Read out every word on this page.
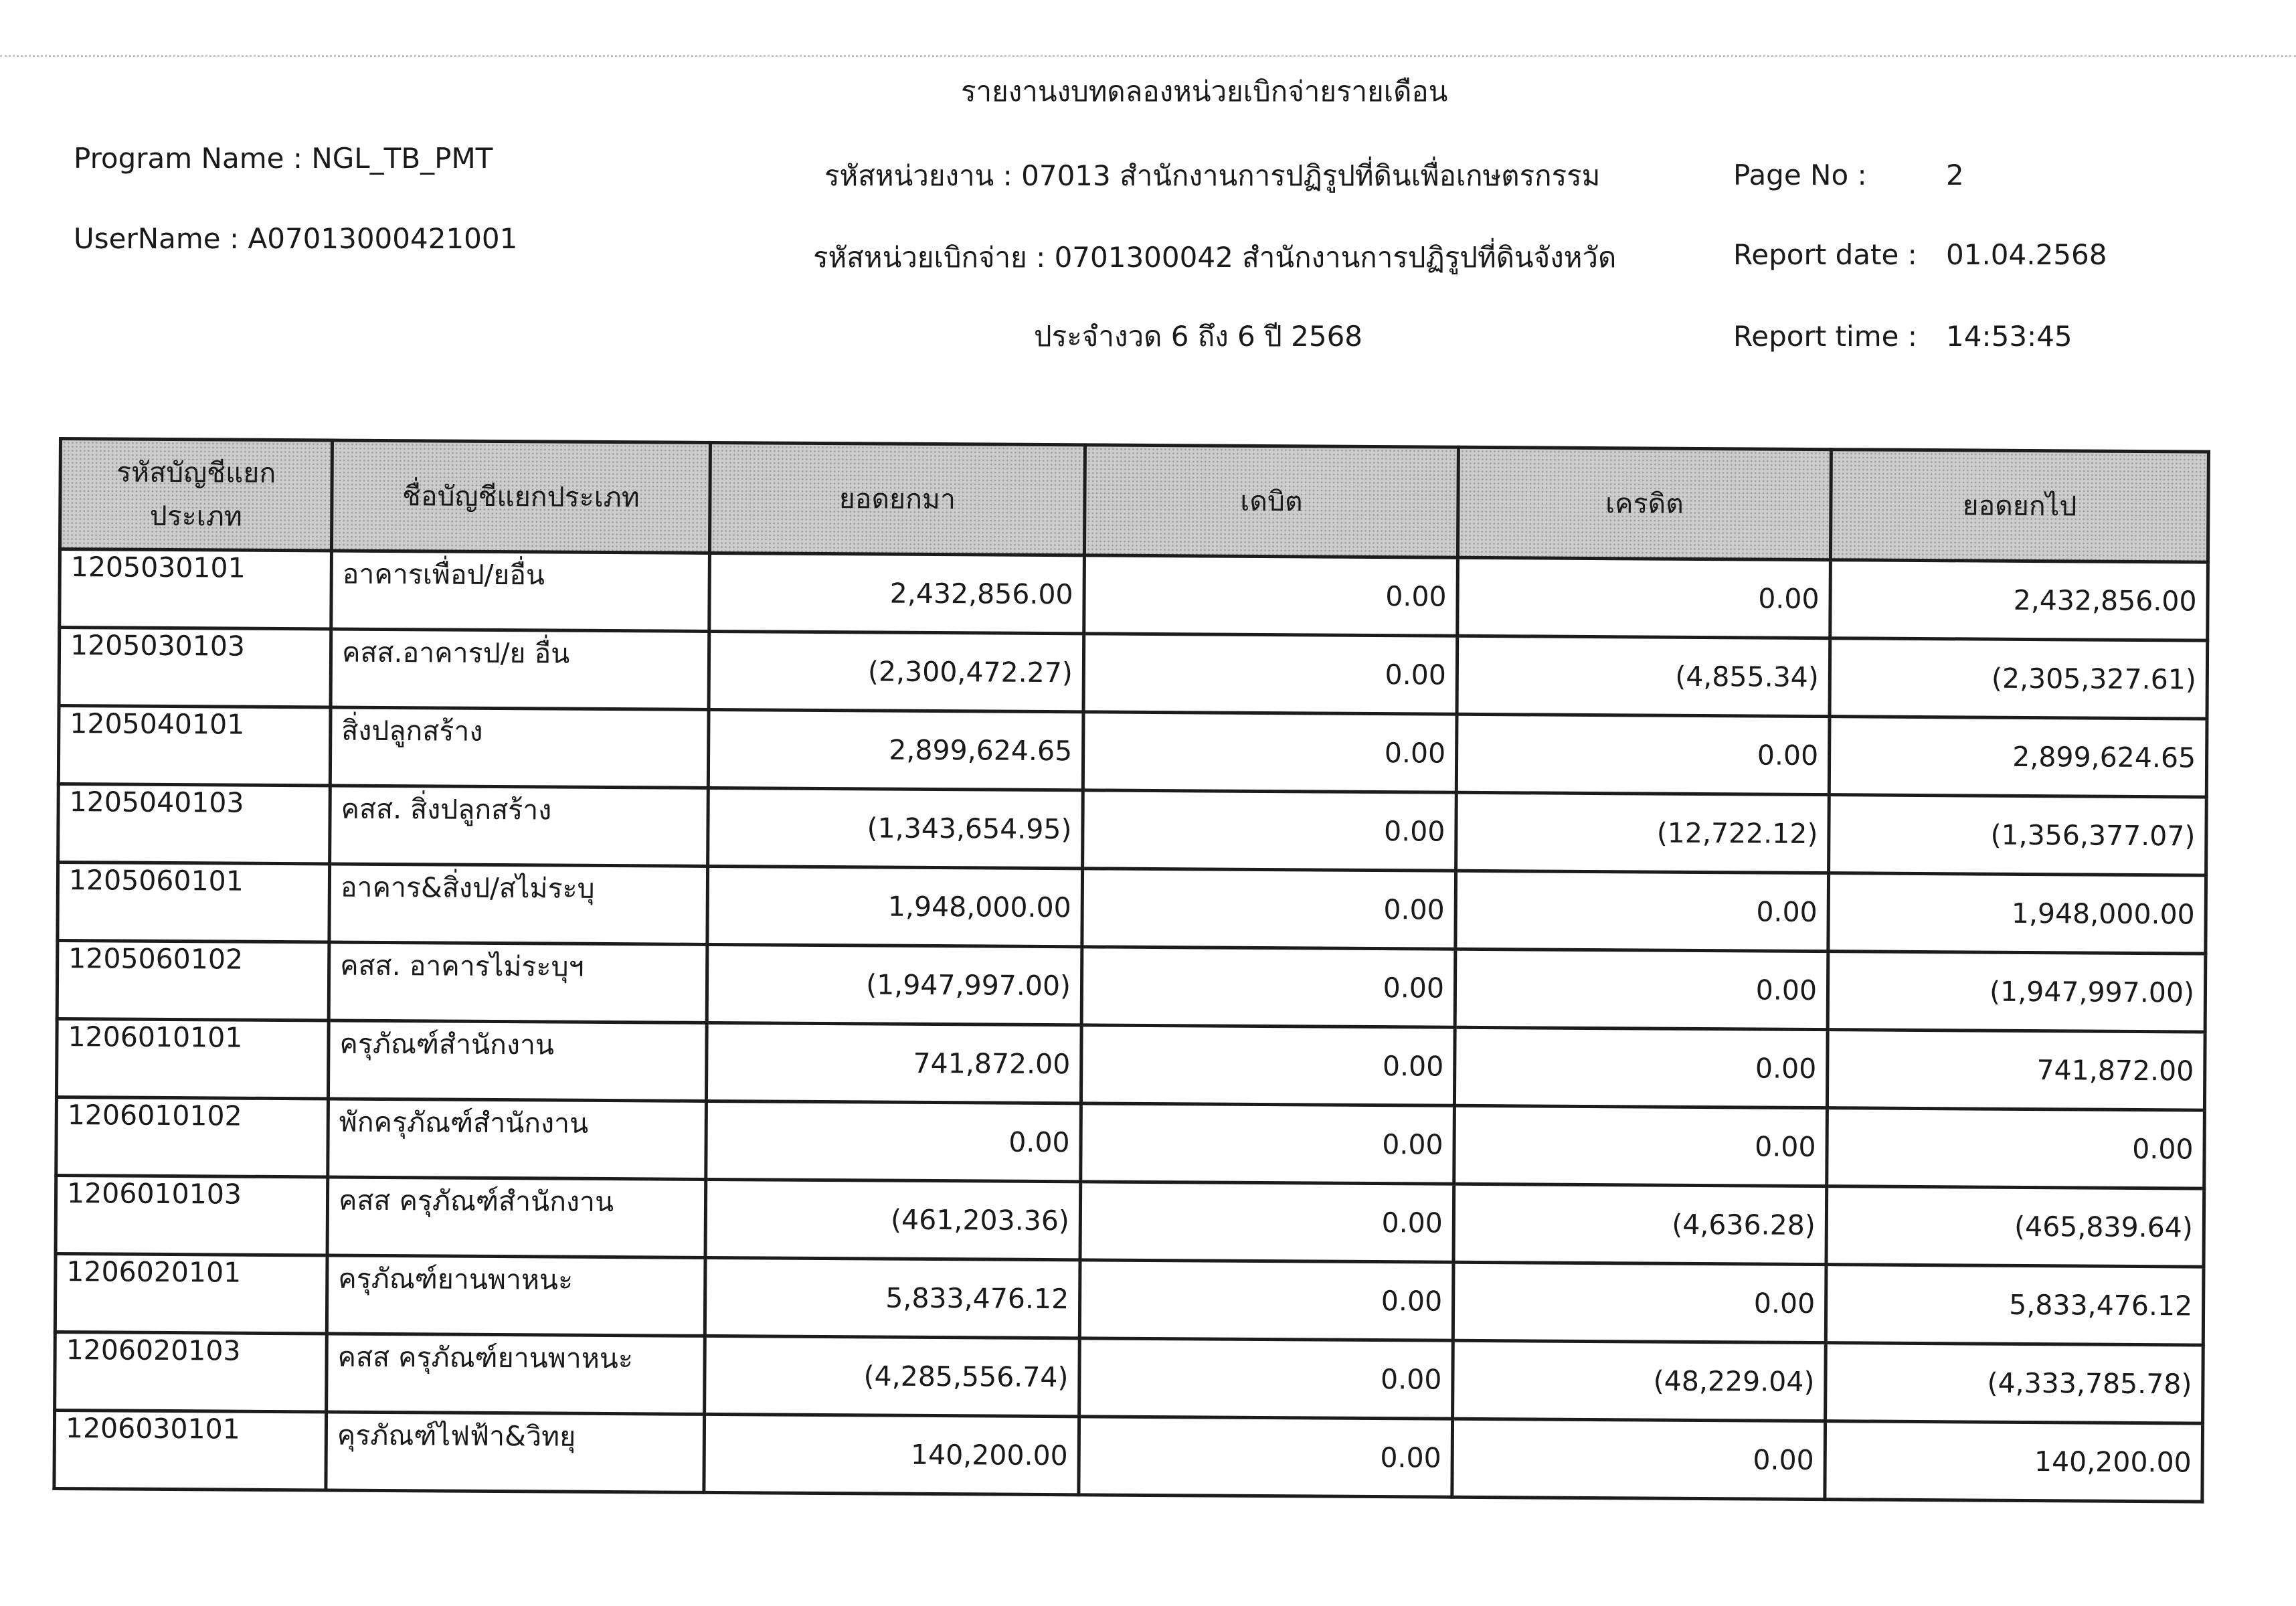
รายงานงบทดลองหน่วยเบิกจ่ายรายเดือน
Program Name : NGL_TB_PMT
UserName : A07013000421001
รหัสหน่วยงาน : 07013 สำนักงานการปฏิรูปที่ดินเพื่อเกษตรกรรม
รหัสหน่วยเบิกจ่าย : 0701300042 สำนักงานการปฏิรูปที่ดินจังหวัด
ประจำงวด 6 ถึง 6 ปี 2568
Page No :	2
Report date : 01.04.2568
Report time : 14:53:45
รหัสบัญชีแยกประเภท	ชื่อบัญชีแยกประเภท	ยอดยกมา	เดบิต	เครดิต	ยอดยกไป
1205030101	อาคารเพื่อป/ยอื่น	2,432,856.00	0.00	0.00	2,432,856.00
1205030103	คสส.อาคารป/ย อื่น	(2,300,472.27)	0.00	(4,855.34)	(2,305,327.61)
1205040101	สิ่งปลูกสร้าง	2,899,624.65	0.00	0.00	2,899,624.65
1205040103	คสส. สิ่งปลูกสร้าง	(1,343,654.95)	0.00	(12,722.12)	(1,356,377.07)
1205060101	อาคาร&สิ่งป/สไม่ระบุ	1,948,000.00	0.00	0.00	1,948,000.00
1205060102	คสส. อาคารไม่ระบุฯ	(1,947,997.00)	0.00	0.00	(1,947,997.00)
1206010101	ครุภัณฑ์สำนักงาน	741,872.00	0.00	0.00	741,872.00
1206010102	พักครุภัณฑ์สำนักงาน	0.00	0.00	0.00	0.00
1206010103	คสส ครุภัณฑ์สำนักงาน	(461,203.36)	0.00	(4,636.28)	(465,839.64)
1206020101	ครุภัณฑ์ยานพาหนะ	5,833,476.12	0.00	0.00	5,833,476.12
1206020103	คสส ครุภัณฑ์ยานพาหนะ	(4,285,556.74)	0.00	(48,229.04)	(4,333,785.78)
1206030101	คุรภัณฑ์ไฟฟ้า&วิทยุ	140,200.00	0.00	0.00	140,200.00
